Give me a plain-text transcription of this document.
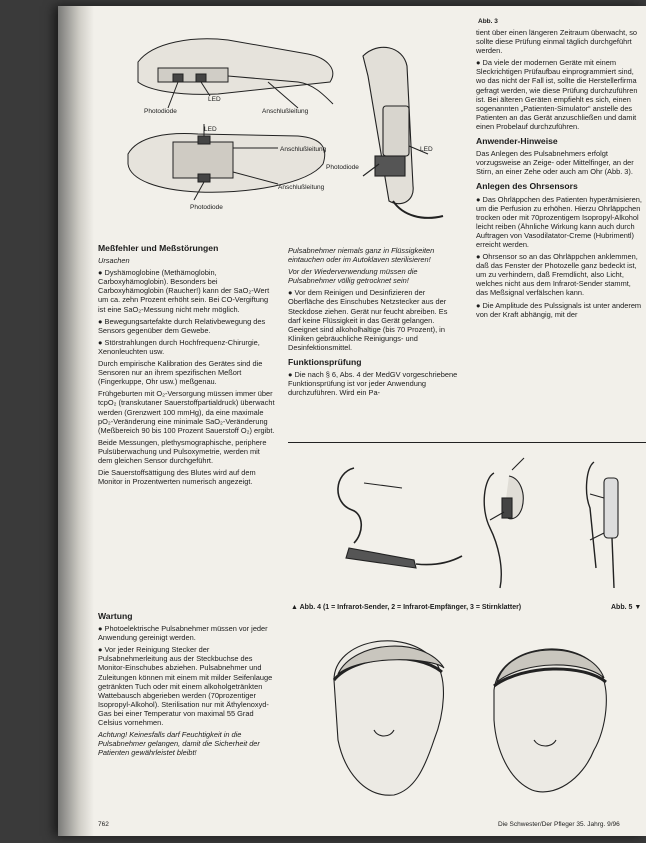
Photodiode
LED
Anschlußleitung
LED
Anschlußleitung
Anschlußleitung
Photodiode
LED
Photodiode
Abb. 3
Meßfehler und Meßstörungen
Ursachen

● Dyshämoglobine (Methämoglobin, Carboxyhämoglobin). Besonders bei Carboxyhämoglobin (Raucher!) kann der SaO₂-Wert um ca. zehn Prozent erhöht sein. Bei CO-Vergiftung ist eine SaO₂-Messung nicht mehr möglich.

● Bewegungsartefakte durch Relativbewegung des Sensors gegenüber dem Gewebe.

● Störstrahlungen durch Hochfrequenz-Chirurgie, Xenonleuchten usw.

Durch empirische Kalibration des Gerätes sind die Sensoren nur an ihrem spezifischen Meßort (Fingerkuppe, Ohr usw.) meßgenau.

Frühgeburten mit O₂-Versorgung müssen immer über tcpO₂ (transkutaner Sauerstoffpartialdruck) überwacht werden (Grenzwert 100 mmHg), da eine maximale pO₂-Veränderung eine minimale SaO₂-Veränderung (Meßbereich 90 bis 100 Prozent Sauerstoff O₂) ergibt.

Beide Messungen, plethysmographische, periphere Pulsüberwachung und Pulsoxymetrie, werden mit dem gleichen Sensor durchgeführt.

Die Sauerstoffsättigung des Blutes wird auf dem Monitor in Prozentwerten numerisch angezeigt.

Wartung

● Photoelektrische Pulsabnehmer müssen vor jeder Anwendung gereinigt werden.

● Vor jeder Reinigung Stecker der Pulsabnehmerleitung aus der Steckbuchse des Monitor-Einschubes abziehen. Pulsabnehmer und Zuleitungen können mit einem mit milder Seifenlauge getränkten Tuch oder mit einem alkoholgetränkten Wattebausch abgerieben werden (70prozentiger Isopropyl-Alkohol). Sterilisation nur mit Äthylenoxyd-Gas bei einer Temperatur von maximal 55 Grad Celsius vornehmen.

Achtung! Keinesfalls darf Feuchtigkeit in die Pulsabnehmer gelangen, damit die Sicherheit der Patienten gewährleistet bleibt!

Pulsabnehmer niemals ganz in Flüssigkeiten eintauchen oder im Autoklaven sterilisieren!

Vor der Wiederverwendung müssen die Pulsabnehmer völlig getrocknet sein!

● Vor dem Reinigen und Desinfizieren der Oberfläche des Einschubes Netzstecker aus der Steckdose ziehen. Gerät nur feucht abreiben. Es darf keine Flüssigkeit in das Gerät gelangen. Geeignet sind alkoholhaltige (bis 70 Prozent), in Kliniken gebräuchliche Reinigungs- und Desinfektionsmittel.

Funktionsprüfung

● Die nach § 6, Abs. 4 der MedGV vorgeschriebene Funktionsprüfung ist vor jeder Anwendung durchzuführen. Wird ein Pa-

tient über einen längeren Zeitraum überwacht, so sollte diese Prüfung einmal täglich durchgeführt werden.

● Da viele der modernen Geräte mit einem Sleckrichtigen Prüfaufbau einprogrammiert sind, wo das nicht der Fall ist, sollte die Herstellerfirma gefragt werden, wie diese Prüfung durchzuführen ist. Bei älteren Geräten empfiehlt es sich, einen sogenannten „Patienten-Simulator“ anstelle des Patienten an das Gerät anzuschließen und damit einen Probelauf durchzuführen.

Anwender-Hinweise

Das Anlegen des Pulsabnehmers erfolgt vorzugsweise an Zeige- oder Mittelfinger, an der Stirn, an einer Zehe oder auch am Ohr (Abb. 3).

Anlegen des Ohrsensors

● Das Ohrläppchen des Patienten hyperämisieren, um die Perfusion zu erhöhen. Hierzu Ohrläppchen trocken oder mit 70prozentigem Isopropyl-Alkohol leicht reiben (Ähnliche Wirkung kann auch durch Auftragen von Vasodilatator-Creme (Hubrimentl) erreicht werden.

● Ohrsensor so an das Ohrläppchen anklemmen, daß das Fenster der Photozelle ganz bedeckt ist, um zu verhindern, daß Fremdlicht, also Licht, welches nicht aus dem Infrarot-Sender stammt, das Meßsignal verfälschen kann.

● Die Amplitude des Pulssignals ist unter anderem von der Kraft abhängig, mit der

▲ Abb. 4 (1 = Infrarot-Sender, 2 = Infrarot-Empfänger, 3 = Stirnklatter)	Abb. 5 ▼
762	Die Schwester/Der Pfleger 35. Jahrg. 9/96
